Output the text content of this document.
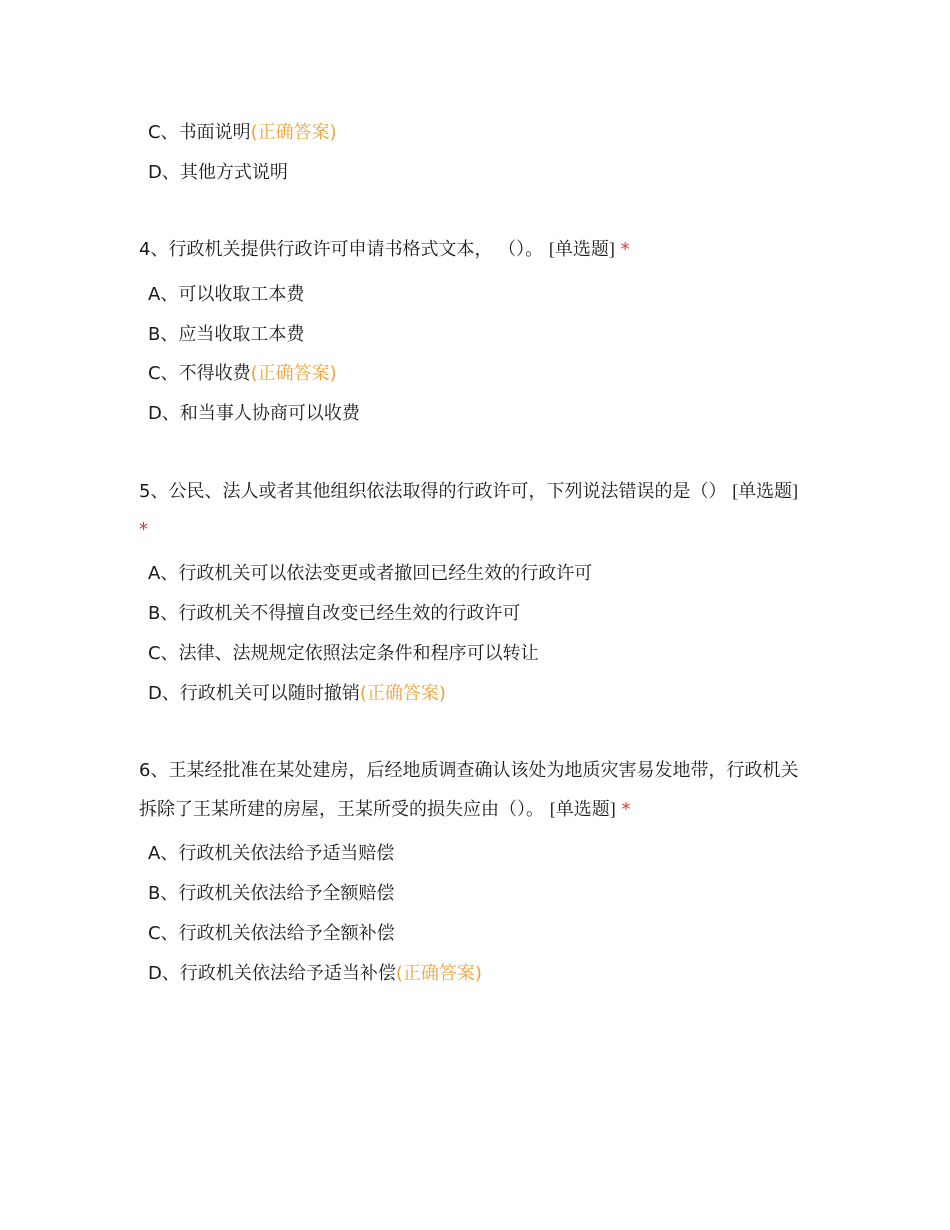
C、书面说明(正确答案)
D、其他方式说明
4、行政机关提供行政许可申请书格式文本， （）。 [单选题] *
A、可以收取工本费
B、应当收取工本费
C、不得收费(正确答案)
D、和当事人协商可以收费
5、公民、法人或者其他组织依法取得的行政许可，下列说法错误的是（） [单选题] *
A、行政机关可以依法变更或者撤回已经生效的行政许可
B、行政机关不得擅自改变已经生效的行政许可
C、法律、法规规定依照法定条件和程序可以转让
D、行政机关可以随时撤销(正确答案)
6、王某经批准在某处建房，后经地质调查确认该处为地质灾害易发地带，行政机关拆除了王某所建的房屋，王某所受的损失应由（）。 [单选题] *
A、行政机关依法给予适当赔偿
B、行政机关依法给予全额赔偿
C、行政机关依法给予全额补偿
D、行政机关依法给予适当补偿(正确答案)
